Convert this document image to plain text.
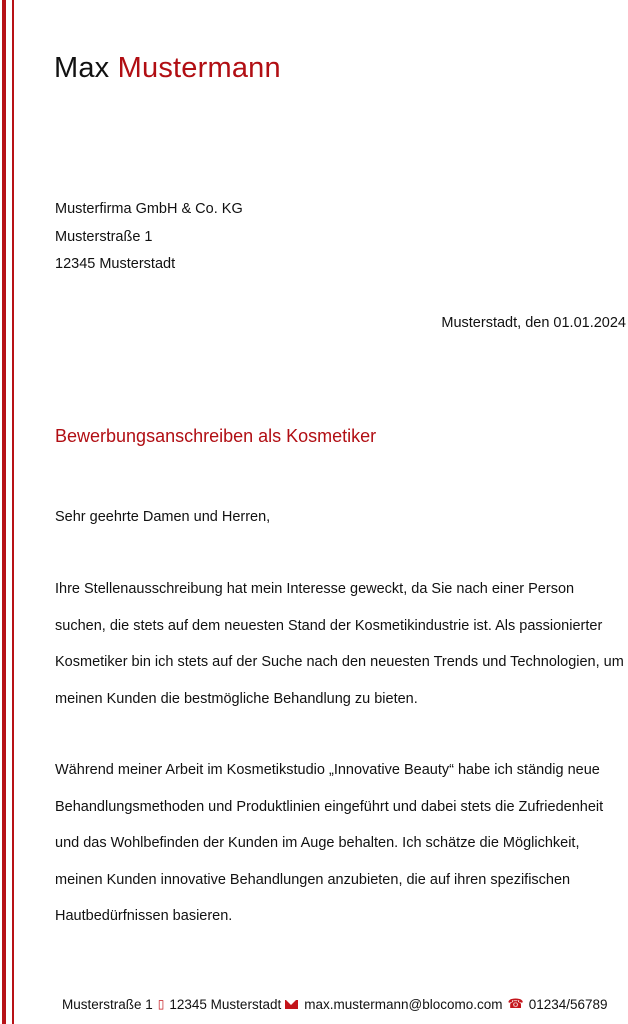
Max Mustermann
Musterfirma GmbH & Co. KG
Musterstraße 1
12345 Musterstadt
Musterstadt, den 01.01.2024
Bewerbungsanschreiben als Kosmetiker
Sehr geehrte Damen und Herren,
Ihre Stellenausschreibung hat mein Interesse geweckt, da Sie nach einer Person suchen, die stets auf dem neuesten Stand der Kosmetikindustrie ist. Als passionierter Kosmetiker bin ich stets auf der Suche nach den neuesten Trends und Technologien, um meinen Kunden die bestmögliche Behandlung zu bieten.
Während meiner Arbeit im Kosmetikstudio „Innovative Beauty“ habe ich ständig neue Behandlungsmethoden und Produktlinien eingeführt und dabei stets die Zufriedenheit und das Wohlbefinden der Kunden im Auge behalten. Ich schätze die Möglichkeit, meinen Kunden innovative Behandlungen anzubieten, die auf ihren spezifischen Hautbedürfnissen basieren.
Musterstraße 1 ▯ 12345 Musterstadt max.mustermann@blocomo.com ☎ 01234/56789
